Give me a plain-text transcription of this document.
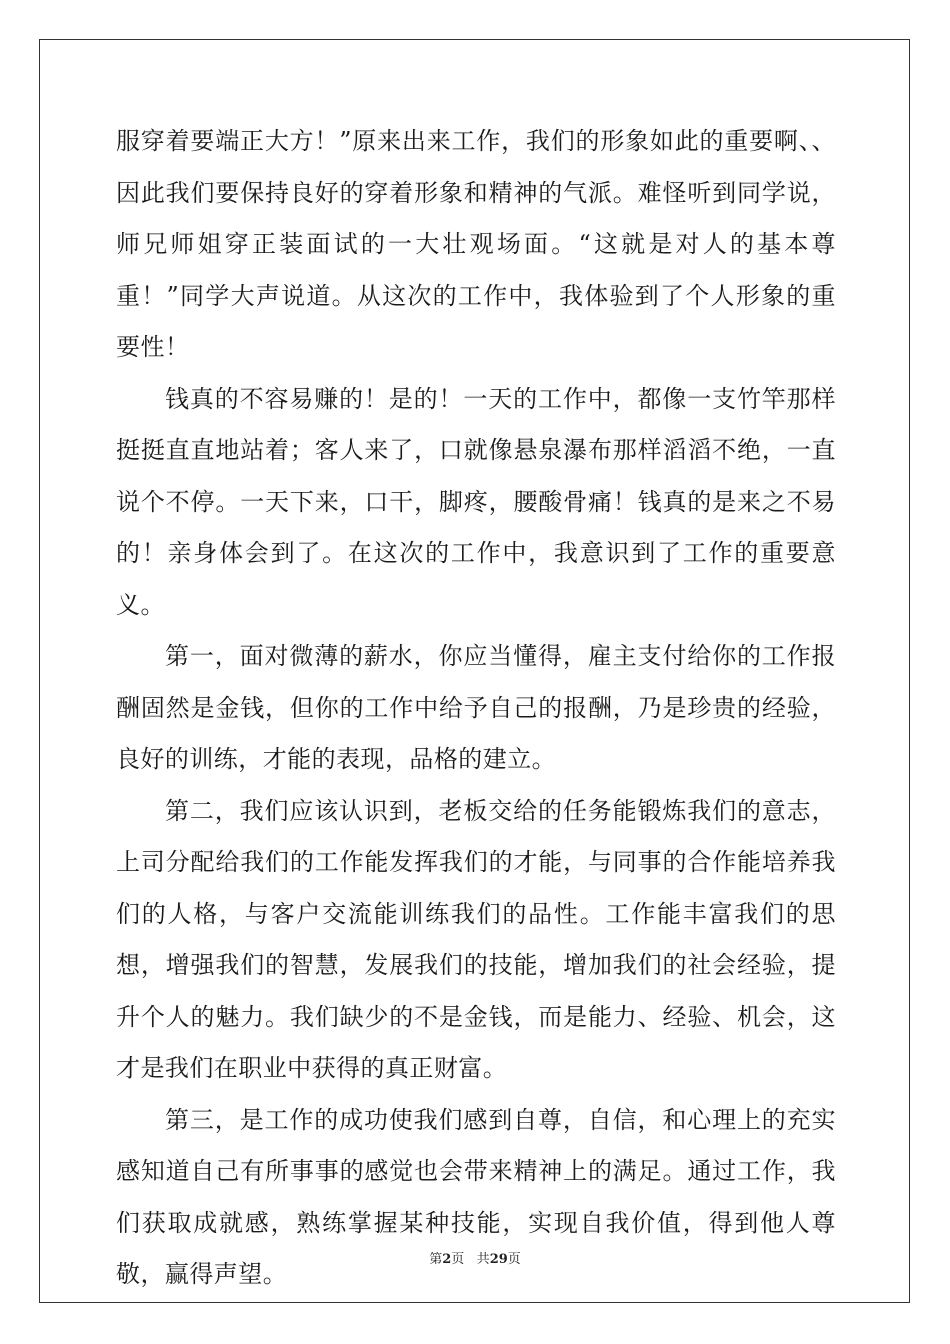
服穿着要端正大方！”原来出来工作，我们的形象如此的重要啊、、因此我们要保持良好的穿着形象和精神的气派。难怪听到同学说，师兄师姐穿正装面试的一大壮观场面。“这就是对人的基本尊重！”同学大声说道。从这次的工作中，我体验到了个人形象的重要性！

钱真的不容易赚的！是的！一天的工作中，都像一支竹竿那样挺挺直直地站着；客人来了，口就像悬泉瀑布那样滔滔不绝，一直说个不停。一天下来，口干，脚疼，腰酸骨痛！钱真的是来之不易的！亲身体会到了。在这次的工作中，我意识到了工作的重要意义。

第一，面对微薄的薪水，你应当懂得，雇主支付给你的工作报酬固然是金钱，但你的工作中给予自己的报酬，乃是珍贵的经验，良好的训练，才能的表现，品格的建立。

第二，我们应该认识到，老板交给的任务能锻炼我们的意志，上司分配给我们的工作能发挥我们的才能，与同事的合作能培养我们的人格，与客户交流能训练我们的品性。工作能丰富我们的思想，增强我们的智慧，发展我们的技能，增加我们的社会经验，提升个人的魅力。我们缺少的不是金钱，而是能力、经验、机会，这才是我们在职业中获得的真正财富。

第三，是工作的成功使我们感到自尊，自信，和心理上的充实感知道自己有所事事的感觉也会带来精神上的满足。通过工作，我们获取成就感，熟练掌握某种技能，实现自我价值，得到他人尊敬，赢得声望。

第2页 共29页
